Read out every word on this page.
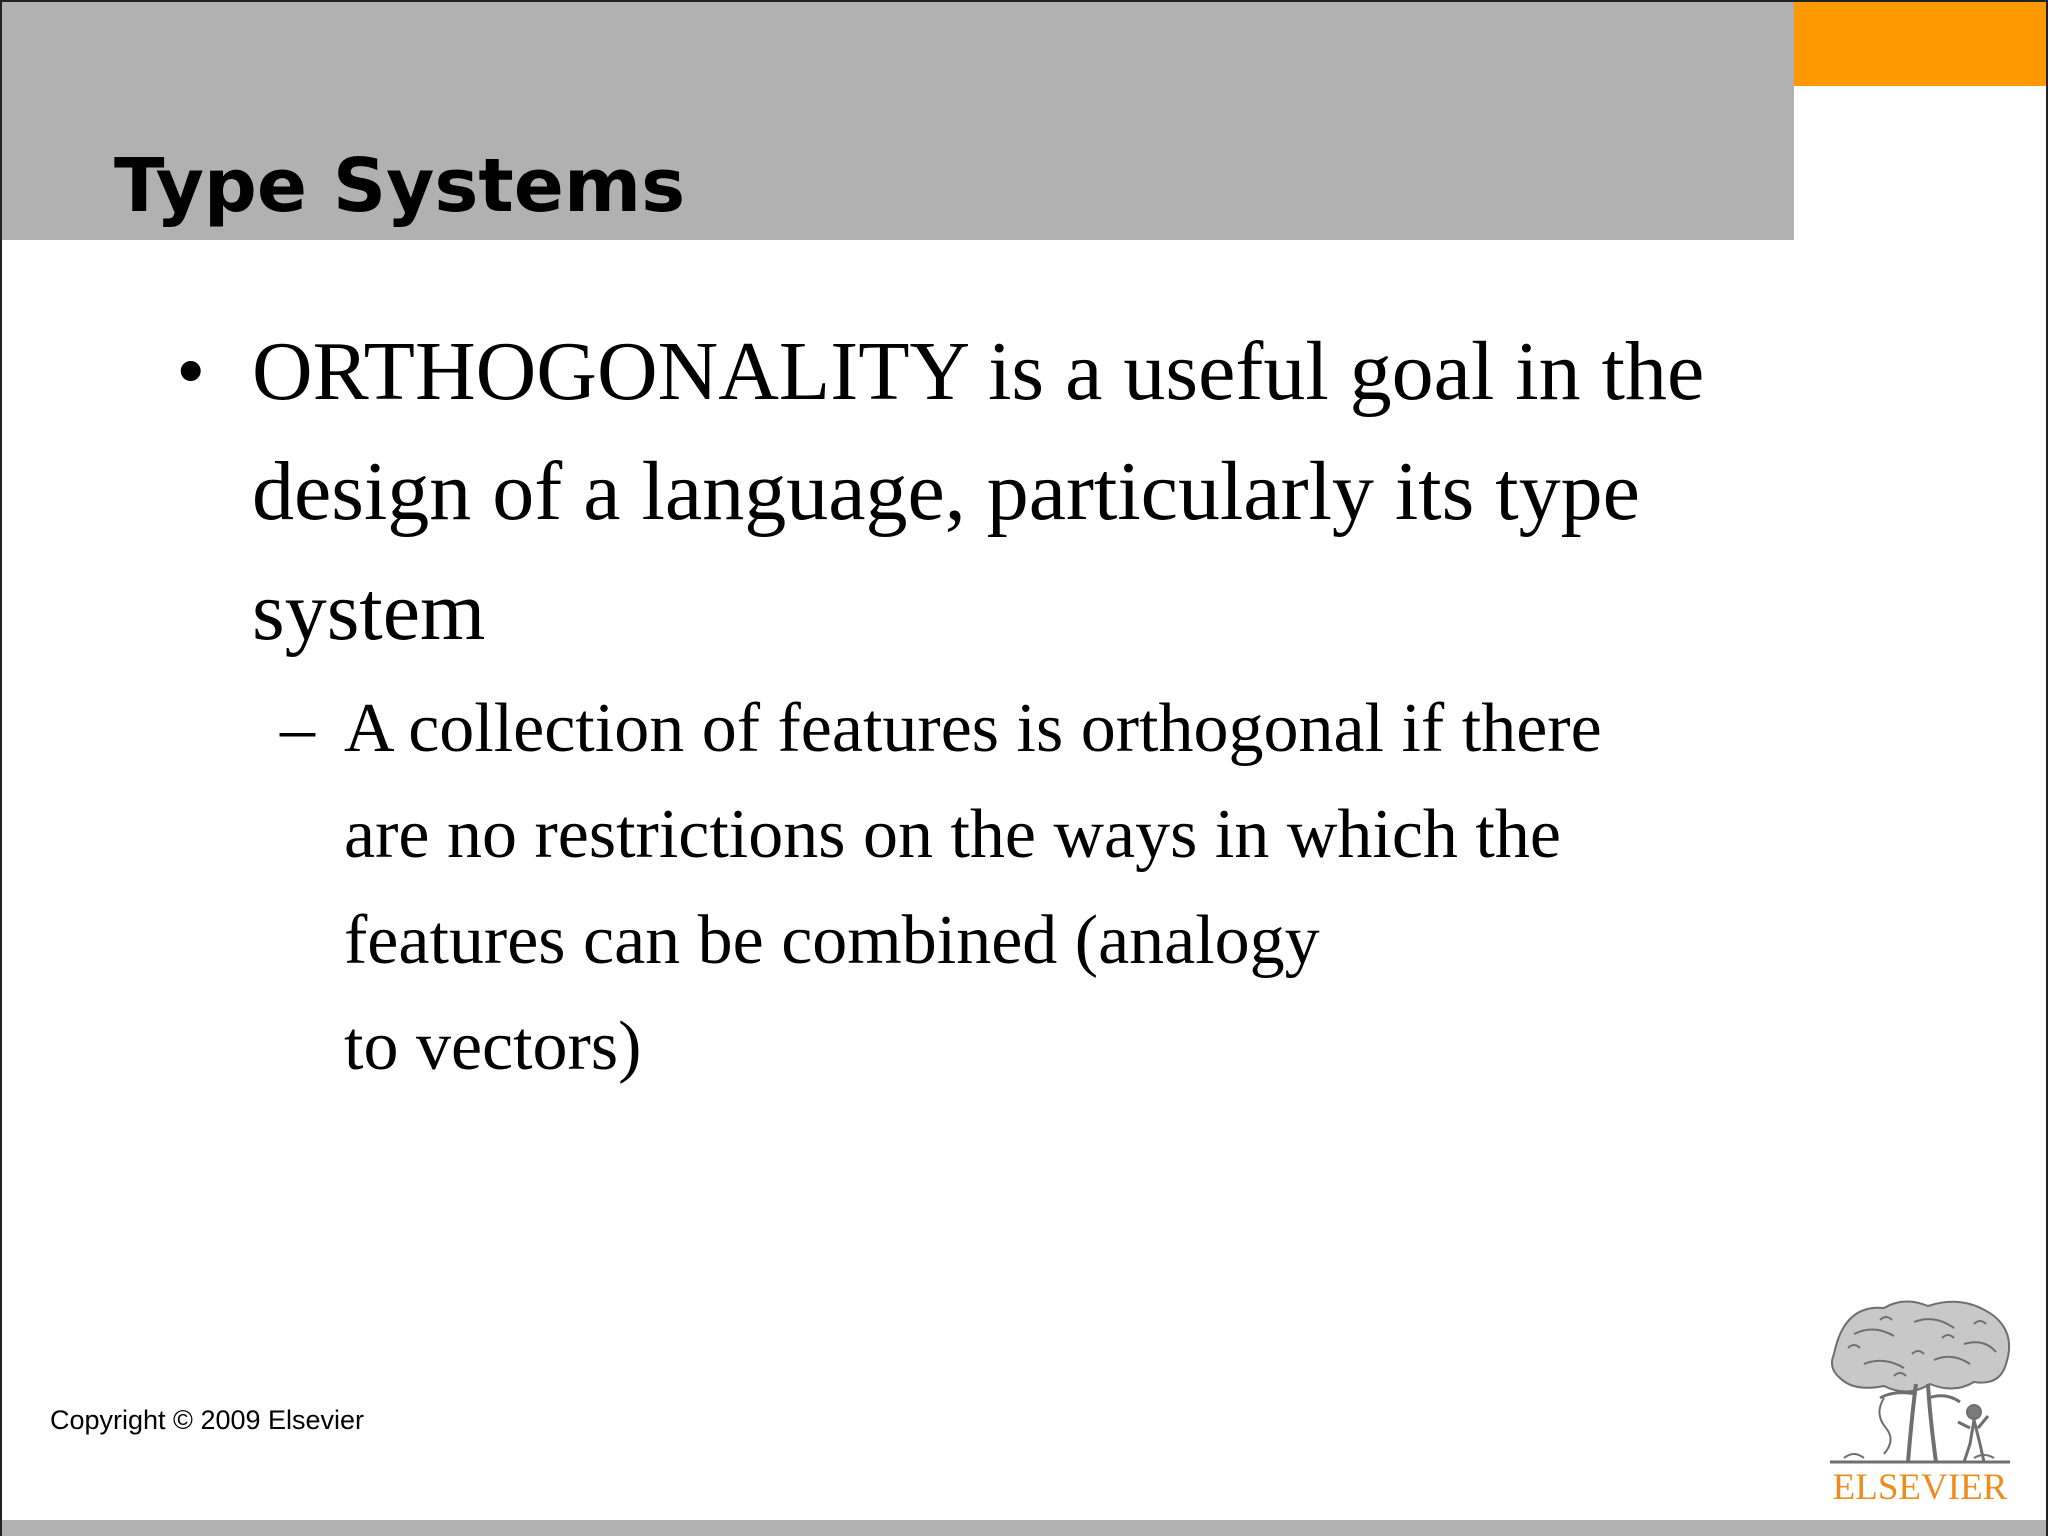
Type Systems
• ORTHOGONALITY is a useful goal in the design of a language, particularly its type system
– A collection of features is orthogonal if there
are no restrictions on the ways in which the
features can be combined (analogy
to vectors)
Copyright © 2009 Elsevier
ELSEVIER
